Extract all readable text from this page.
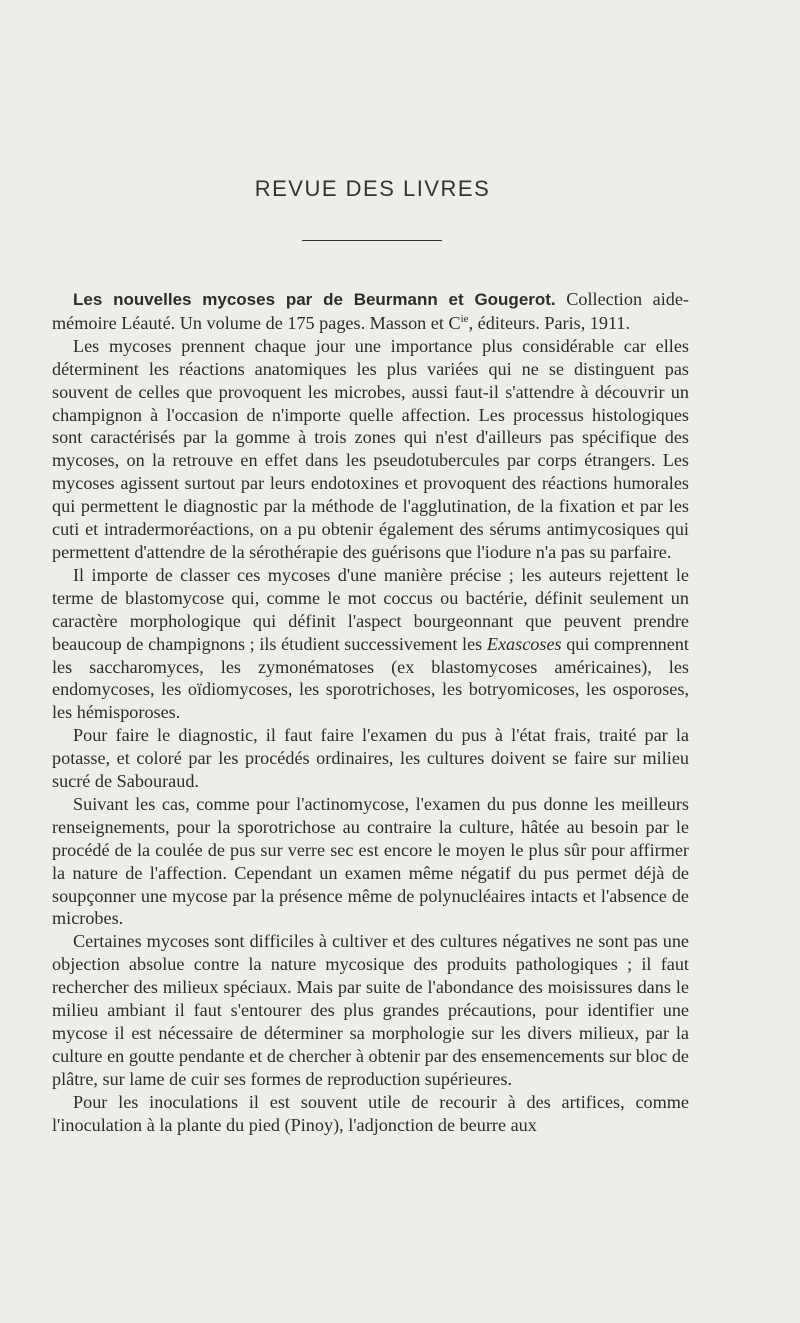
REVUE DES LIVRES

Les nouvelles mycoses par de Beurmann et Gougerot. Collection aide-mémoire Léauté. Un volume de 175 pages. Masson et $C^{ie}$, éditeurs. Paris, 1911.

Les mycoses prennent chaque jour une importance plus considérable car elles déterminent les réactions anatomiques les plus variées qui ne se distinguent pas souvent de celles que provoquent les microbes, aussi faut-il s'attendre à découvrir un champignon à l'occasion de n'importe quelle affection. Les processus histologiques sont caractérisés par la gomme à trois zones qui n'est d'ailleurs pas spécifique des mycoses, on la retrouve en effet dans les pseudotubercules par corps étrangers. Les mycoses agissent surtout par leurs endotoxines et provoquent des réactions humorales qui permettent le diagnostic par la méthode de l'agglutination, de la fixation et par les cuti et intradermoréactions, on a pu obtenir également des sérums antimycosiques qui permettent d'attendre de la sérothérapie des guérisons que l'iodure n'a pas su parfaire.

Il importe de classer ces mycoses d'une manière précise ; les auteurs rejettent le terme de blastomycose qui, comme le mot coccus ou bactérie, définit seulement un caractère morphologique qui définit l'aspect bourgeonnant que peuvent prendre beaucoup de champignons ; ils étudient successivement les Exascoses qui comprennent les saccharomyces, les zymonématoses (ex blastomycoses américaines), les endomycoses, les oïdiomycoses, les sporotrichoses, les botryomicoses, les osporoses, les hémisporoses.

Pour faire le diagnostic, il faut faire l'examen du pus à l'état frais, traité par la potasse, et coloré par les procédés ordinaires, les cultures doivent se faire sur milieu sucré de Sabouraud.

Suivant les cas, comme pour l'actinomycose, l'examen du pus donne les meilleurs renseignements, pour la sporotrichose au contraire la culture, hâtée au besoin par le procédé de la coulée de pus sur verre sec est encore le moyen le plus sûr pour affirmer la nature de l'affection. Cependant un examen même négatif du pus permet déjà de soupçonner une mycose par la présence même de polynucléaires intacts et l'absence de microbes.

Certaines mycoses sont difficiles à cultiver et des cultures négatives ne sont pas une objection absolue contre la nature mycosique des produits pathologiques ; il faut rechercher des milieux spéciaux. Mais par suite de l'abondance des moisissures dans le milieu ambiant il faut s'entourer des plus grandes précautions, pour identifier une mycose il est nécessaire de déterminer sa morphologie sur les divers milieux, par la culture en goutte pendante et de chercher à obtenir par des ensemencements sur bloc de plâtre, sur lame de cuir ses formes de reproduction supérieures.

Pour les inoculations il est souvent utile de recourir à des artifices, comme l'inoculation à la plante du pied (Pinoy), l'adjonction de beurre aux
